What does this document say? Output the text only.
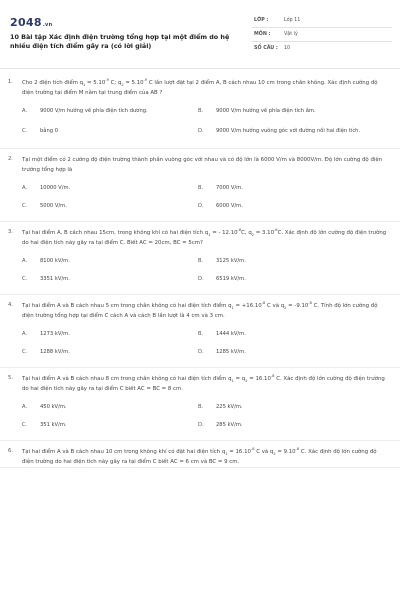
2048.vn
10 Bài tập Xác định điện trường tổng hợp tại một điểm do hệ nhiều điện tích điểm gây ra (có lời giải)
LỚP :	Lớp 11
MÔN :	Vật lý
SỐ CÂU : 10
1. Cho 2 điện tích điểm $q_1 = 5.10^{-9}$ C; $q_2 = 5.10^{-9}$ C lần lượt đặt tại 2 điểm A, B cách nhau 10 cm trong chân không. Xác định cường độ điện trường tại điểm M nằm tại trung điểm của AB ?
A. 9000 V/m hướng về phía điện tích dương.	B. 9000 V/m hướng về phía điện tích âm.
C. bằng 0	D. 9000 V/m hướng vuông góc với đường nối hai điện tích.
2. Tại một điểm có 2 cường độ điện trường thành phần vuông góc với nhau và có độ lớn là 6000 V/m và 8000V/m. Độ lớn cường độ điện trường tổng hợp là
A. 10000 V/m.	B. 7000 V/m.
C. 5000 V/m.	D. 6000 V/m.
3. Tại hai điểm A, B cách nhau 15cm, trong không khí có hai điện tích $q_1$ = - $12.10^{-6}C$, $q_2 = 3.10^{-6}C$. Xác định độ lớn cường độ điện trường do hai điện tích này gây ra tại điểm C. Biết AC = 20cm, BC = 5cm?
A. 8100 kV/m.	B. 3125 kV/m.
C. 3351 kV/m.	D. 6519 kV/m.
4. Tại hai điểm A và B cách nhau 5 cm trong chân không có hai điện tích điểm $q_1 = +16.10^{-8}$ C và $q_2 = -9.10^{-8}$ C. Tính độ lớn cường độ điện trường tổng hợp tại điểm C cách A và cách B lần lượt là 4 cm và 3 cm.
A. 1273 kV/m.	B. 1444 kV/m.
C. 1288 kV/m.	D. 1285 kV/m.
5. Tại hai điểm A và B cách nhau 8 cm trong chân không có hai điện tích điểm $q_1 = q_2 = 16.10^{-8}$ C. Xác định độ lớn cường độ điện trường do hai điện tích này gây ra tại điểm C biết AC = BC = 8 cm.
A. 450 kV/m.	B. 225 kV/m.
C. 351 kV/m.	D. 285 kV/m.
6. Tại hai điểm A và B cách nhau 10 cm trong không khí có đặt hai điện tích $q_1 = 16.10^{-8}$ C và $q_2 = 9.10^{-8}$ C. Xác định độ lớn cường độ điện trường do hai điện tích này gây ra tại điểm C biết AC = 6 cm và BC = 9 cm.
